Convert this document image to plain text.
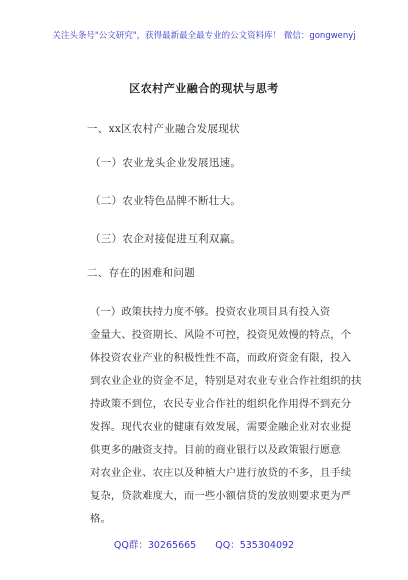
关注头条号"公文研究"，获得最新最全最专业的公文资料库！ 微信：gongwenyj
区农村产业融合的现状与思考
一、xx区农村产业融合发展现状
（一）农业龙头企业发展迅速。
（二）农业特色品牌不断壮大。
（三）农企对接促进互利双赢。
二、存在的困难和问题
（一）政策扶持力度不够。投资农业项目具有投入资
金量大、投资期长、风险不可控，投资见效慢的特点，个
体投资农业产业的积极性性不高，而政府资金有限，投入
到农业企业的资金不足，特别是对农业专业合作社组织的扶
持政策不到位，农民专业合作社的组织化作用得不到充分
发挥。现代农业的健康有效发展，需要金融企业对农业提
供更多的融资支持。目前的商业银行以及政策银行愿意
对农业企业、农庄以及种植大户进行放贷的不多，且手续
复杂，贷款难度大，而一些小额信贷的发放则要求更为严
格。
QQ群：30265665 QQ：535304092
